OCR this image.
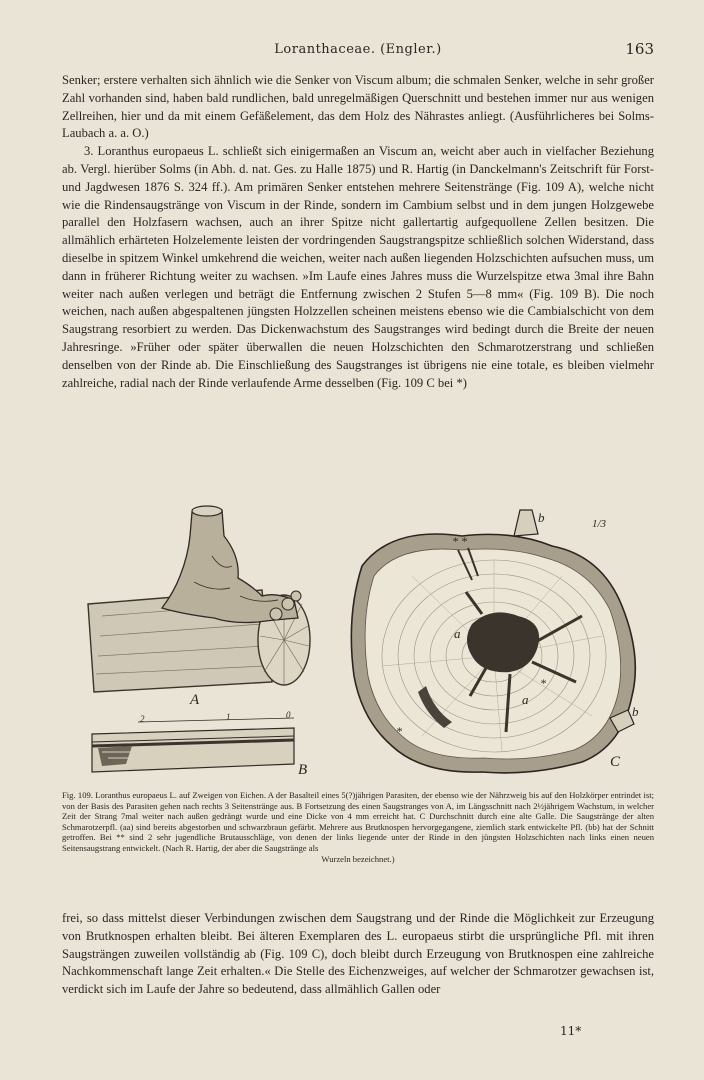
Loranthaceae. (Engler.)	163

Senker; erstere verhalten sich ähnlich wie die Senker von Viscum album; die schmalen Senker, welche in sehr großer Zahl vorhanden sind, haben bald rundlichen, bald unregelmäßigen Querschnitt und bestehen immer nur aus wenigen Zellreihen, hier und da mit einem Gefäßelement, das dem Holz des Nährastes anliegt. (Ausführlicheres bei Solms-Laubach a. a. O.)

3. Loranthus europaeus L. schließt sich einigermaßen an Viscum an, weicht aber auch in vielfacher Beziehung ab. Vergl. hierüber Solms (in Abh. d. nat. Ges. zu Halle 1875) und R. Hartig (in Danckelmann's Zeitschrift für Forst- und Jagdwesen 1876 S. 324 ff.). Am primären Senker entstehen mehrere Seitenstränge (Fig. 109 A), welche nicht wie die Rindensaugstränge von Viscum in der Rinde, sondern im Cambium selbst und in dem jungen Holzgewebe parallel den Holzfasern wachsen, auch an ihrer Spitze nicht gallertartig aufgequollene Zellen besitzen. Die allmählich erhärteten Holzelemente leisten der vordringenden Saugstrangspitze schließlich solchen Widerstand, dass dieselbe in spitzem Winkel umkehrend die weichen, weiter nach außen liegenden Holzschichten aufsuchen muss, um dann in früherer Richtung weiter zu wachsen. »Im Laufe eines Jahres muss die Wurzelspitze etwa 3mal ihre Bahn weiter nach außen verlegen und beträgt die Entfernung zwischen 2 Stufen 5—8 mm« (Fig. 109 B). Die noch weichen, nach außen abgespaltenen jüngsten Holzzellen scheinen meistens ebenso wie die Cambialschicht von dem Saugstrang resorbiert zu werden. Das Dickenwachstum des Saugstranges wird bedingt durch die Breite der neuen Jahresringe. »Früher oder später überwallen die neuen Holzschichten den Schmarotzerstrang und schließen denselben von der Rinde ab. Die Einschließung des Saugstranges ist übrigens nie eine totale, es bleiben vielmehr zahlreiche, radial nach der Rinde verlaufende Arme desselben (Fig. 109 C bei *)

A
B	C
b
b
a
a
1/3
* *
*
*
2	1	0
Fig. 109. Loranthus europaeus L. auf Zweigen von Eichen. A der Basalteil eines 5(?)jährigen Parasiten, der ebenso wie der Nährzweig bis auf den Holzkörper entrindet ist; von der Basis des Parasiten gehen nach rechts 3 Seitenstränge aus. B Fortsetzung des einen Saugstranges von A, im Längsschnitt nach 2½jährigem Wachstum, in welcher Zeit der Strang 7mal weiter nach außen gedrängt wurde und eine Dicke von 4 mm erreicht hat. C Durchschnitt durch eine alte Galle. Die Saugstränge der alten Schmarotzerpfl. (aa) sind bereits abgestorben und schwarzbraun gefärbt. Mehrere aus Brutknospen hervorgegangene, ziemlich stark entwickelte Pfl. (bb) hat der Schnitt getroffen. Bei ** sind 2 sehr jugendliche Brutausschläge, von denen der links liegende unter der Rinde in den jüngsten Holzschichten nach links einen neuen Seitensaugstrang entwickelt. (Nach R. Hartig, der aber die Saugstränge als
Wurzeln bezeichnet.)

frei, so dass mittelst dieser Verbindungen zwischen dem Saugstrang und der Rinde die Möglichkeit zur Erzeugung von Brutknospen erhalten bleibt. Bei älteren Exemplaren des L. europaeus stirbt die ursprüngliche Pfl. mit ihren Saugsträngen zuweilen vollständig ab (Fig. 109 C), doch bleibt durch Erzeugung von Brutknospen eine zahlreiche Nachkommenschaft lange Zeit erhalten.« Die Stelle des Eichenzweiges, auf welcher der Schmarotzer gewachsen ist, verdickt sich im Laufe der Jahre so bedeutend, dass allmählich Gallen oder

11*
